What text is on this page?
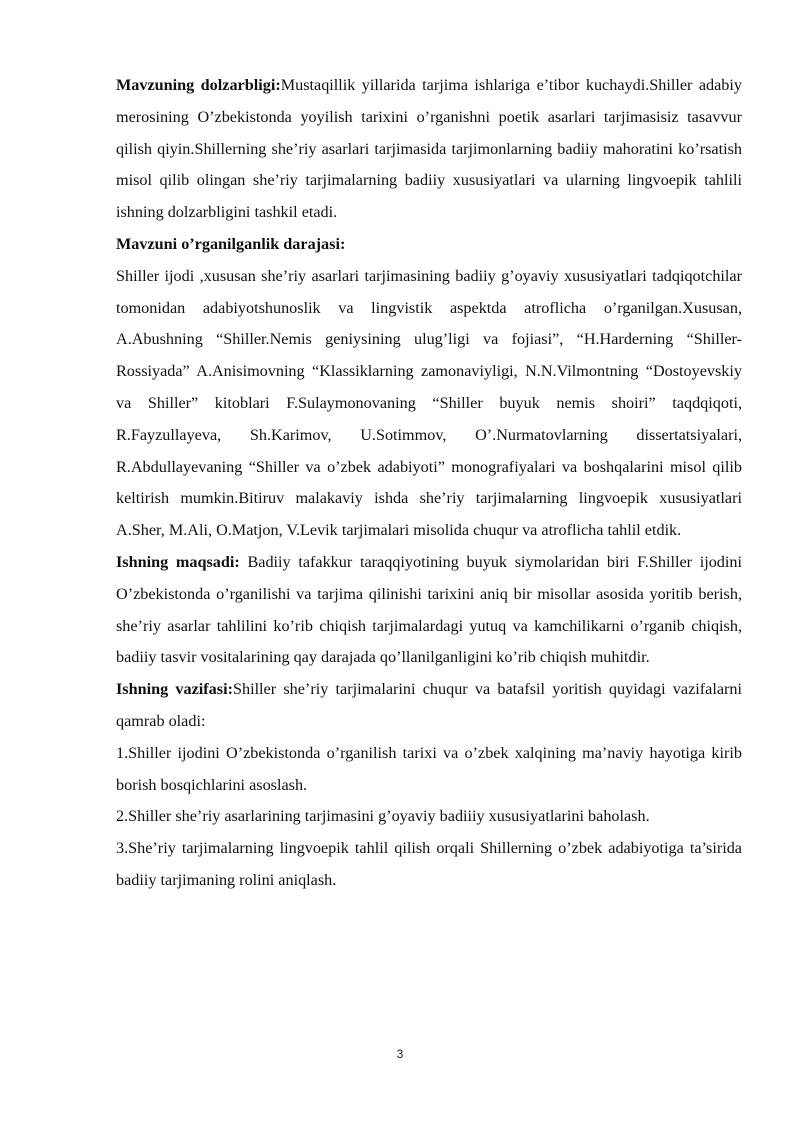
Mavzuning dolzarbligi:Mustaqillik yillarida tarjima ishlariga e’tibor kuchaydi.Shiller adabiy merosining O’zbekistonda yoyilish tarixini o’rganishni poetik asarlari tarjimasisiz tasavvur qilish qiyin.Shillerning she’riy asarlari tarjimasida tarjimonlarning badiiy mahoratini ko’rsatish misol qilib olingan she’riy tarjimalarning badiiy xususiyatlari va ularning lingvoepik tahlili ishning dolzarbligini tashkil etadi.

Mavzuni o’rganilganlik darajasi:

Shiller ijodi ,xususan she’riy asarlari tarjimasining badiiy g’oyaviy xususiyatlari tadqiqotchilar tomonidan adabiyotshunoslik va lingvistik aspektda atroflicha o’rganilgan.Xususan, A.Abushning “Shiller.Nemis geniysining ulug’ligi va fojiasi”, “H.Harderning “Shiller-Rossiyada” A.Anisimovning “Klassiklarning zamonaviyligi, N.N.Vilmontning “Dostoyevskiy va Shiller” kitoblari F.Sulaymonovaning “Shiller buyuk nemis shoiri” taqdqiqoti, R.Fayzullayeva, Sh.Karimov, U.Sotimmov, O’.Nurmatovlarning dissertatsiyalari, R.Abdullayevaning “Shiller va o’zbek adabiyoti” monografiyalari va boshqalarini misol qilib keltirish mumkin.Bitiruv malakaviy ishda she’riy tarjimalarning lingvoepik xususiyatlari A.Sher, M.Ali, O.Matjon, V.Levik tarjimalari misolida chuqur va atroflicha tahlil etdik.

Ishning maqsadi: Badiiy tafakkur taraqqiyotining buyuk siymolaridan biri F.Shiller ijodini O’zbekistonda o’rganilishi va tarjima qilinishi tarixini aniq bir misollar asosida yoritib berish, she’riy asarlar tahlilini ko’rib chiqish tarjimalardagi yutuq va kamchilikarni o’rganib chiqish, badiiy tasvir vositalarining qay darajada qo’llanilganligini ko’rib chiqish muhitdir.

Ishning vazifasi:Shiller she’riy tarjimalarini chuqur va batafsil yoritish quyidagi vazifalarni qamrab oladi:

1.Shiller ijodini O’zbekistonda o’rganilish tarixi va o’zbek xalqining ma’naviy hayotiga kirib borish bosqichlarini asoslash.

2.Shiller she’riy asarlarining tarjimasini g’oyaviy badiiiy xususiyatlarini baholash.

3.She’riy tarjimalarning lingvoepik tahlil qilish orqali Shillerning o’zbek adabiyotiga ta’sirida badiiy tarjimaning rolini aniqlash.

3
